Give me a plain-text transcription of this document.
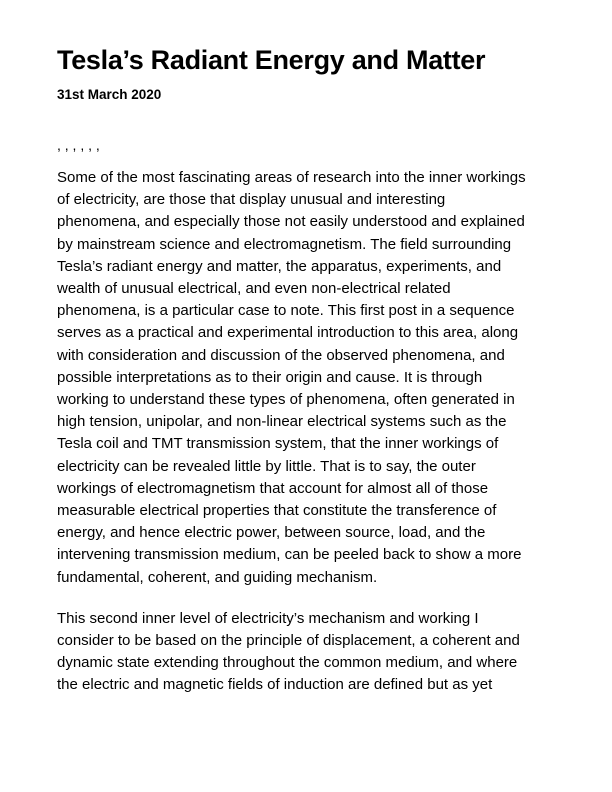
Tesla’s Radiant Energy and Matter
31st March 2020
, , , , , ,
Some of the most fascinating areas of research into the inner workings
of electricity, are those that display unusual and interesting
phenomena, and especially those not easily understood and explained
by mainstream science and electromagnetism. The field surrounding
Tesla’s radiant energy and matter, the apparatus, experiments, and
wealth of unusual electrical, and even non-electrical related
phenomena, is a particular case to note. This first post in a sequence
serves as a practical and experimental introduction to this area, along
with consideration and discussion of the observed phenomena, and
possible interpretations as to their origin and cause. It is through
working to understand these types of phenomena, often generated in
high tension, unipolar, and non-linear electrical systems such as the
Tesla coil and TMT transmission system, that the inner workings of
electricity can be revealed little by little. That is to say, the outer
workings of electromagnetism that account for almost all of those
measurable electrical properties that constitute the transference of
energy, and hence electric power, between source, load, and the
intervening transmission medium, can be peeled back to show a more
fundamental, coherent, and guiding mechanism.
This second inner level of electricity’s mechanism and working I
consider to be based on the principle of displacement, a coherent and
dynamic state extending throughout the common medium, and where
the electric and magnetic fields of induction are defined but as yet
